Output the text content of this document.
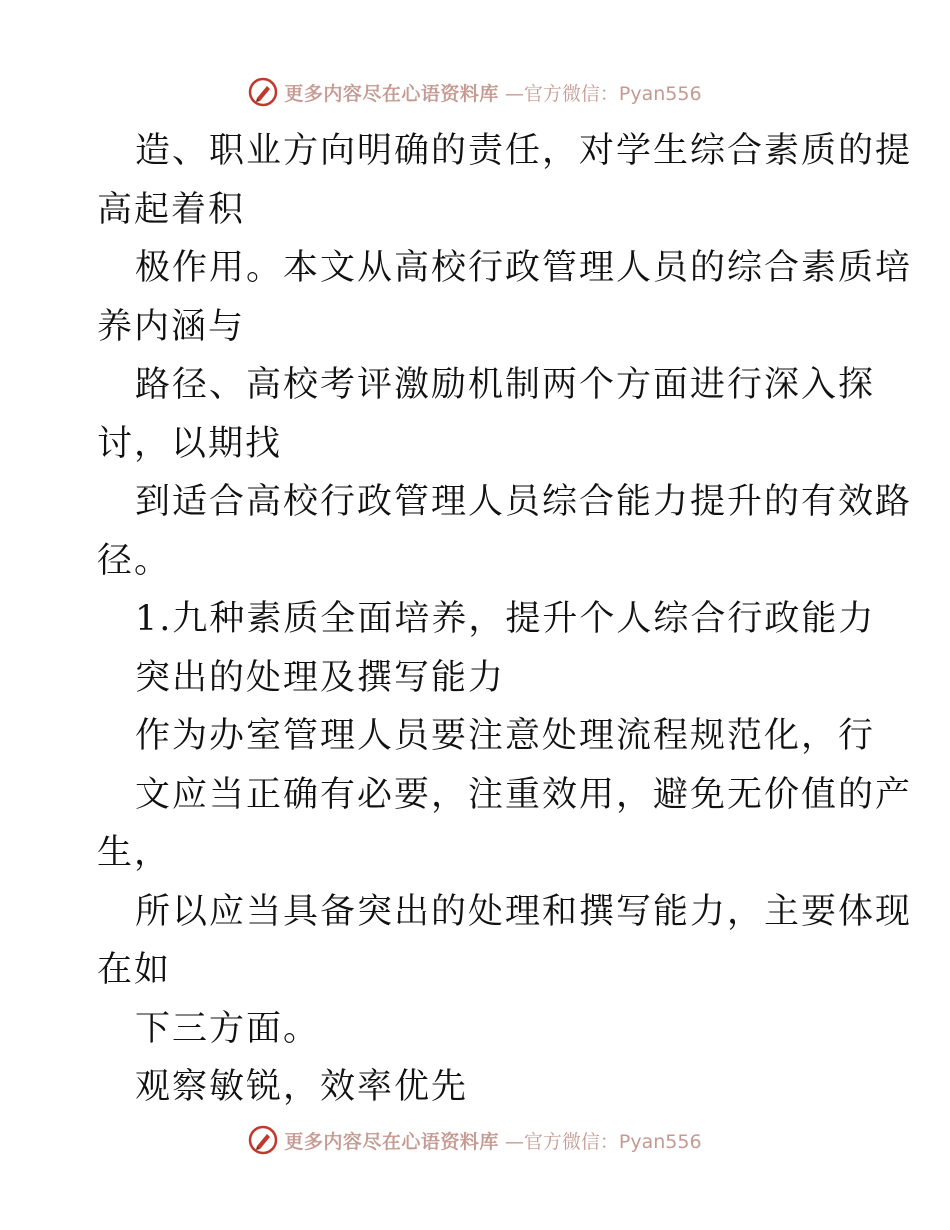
更多内容尽在心语资料库 —官方微信：Pyan556
造、职业方向明确的责任，对学生综合素质的提
高起着积
极作用。本文从高校行政管理人员的综合素质培
养内涵与
路径、高校考评激励机制两个方面进行深入探
讨，以期找
到适合高校行政管理人员综合能力提升的有效路
径。
1.九种素质全面培养，提升个人综合行政能力
突出的处理及撰写能力
作为办室管理人员要注意处理流程规范化，行
文应当正确有必要，注重效用，避免无价值的产
生，
所以应当具备突出的处理和撰写能力，主要体现
在如
下三方面。
观察敏锐，效率优先
更多内容尽在心语资料库 —官方微信：Pyan556
